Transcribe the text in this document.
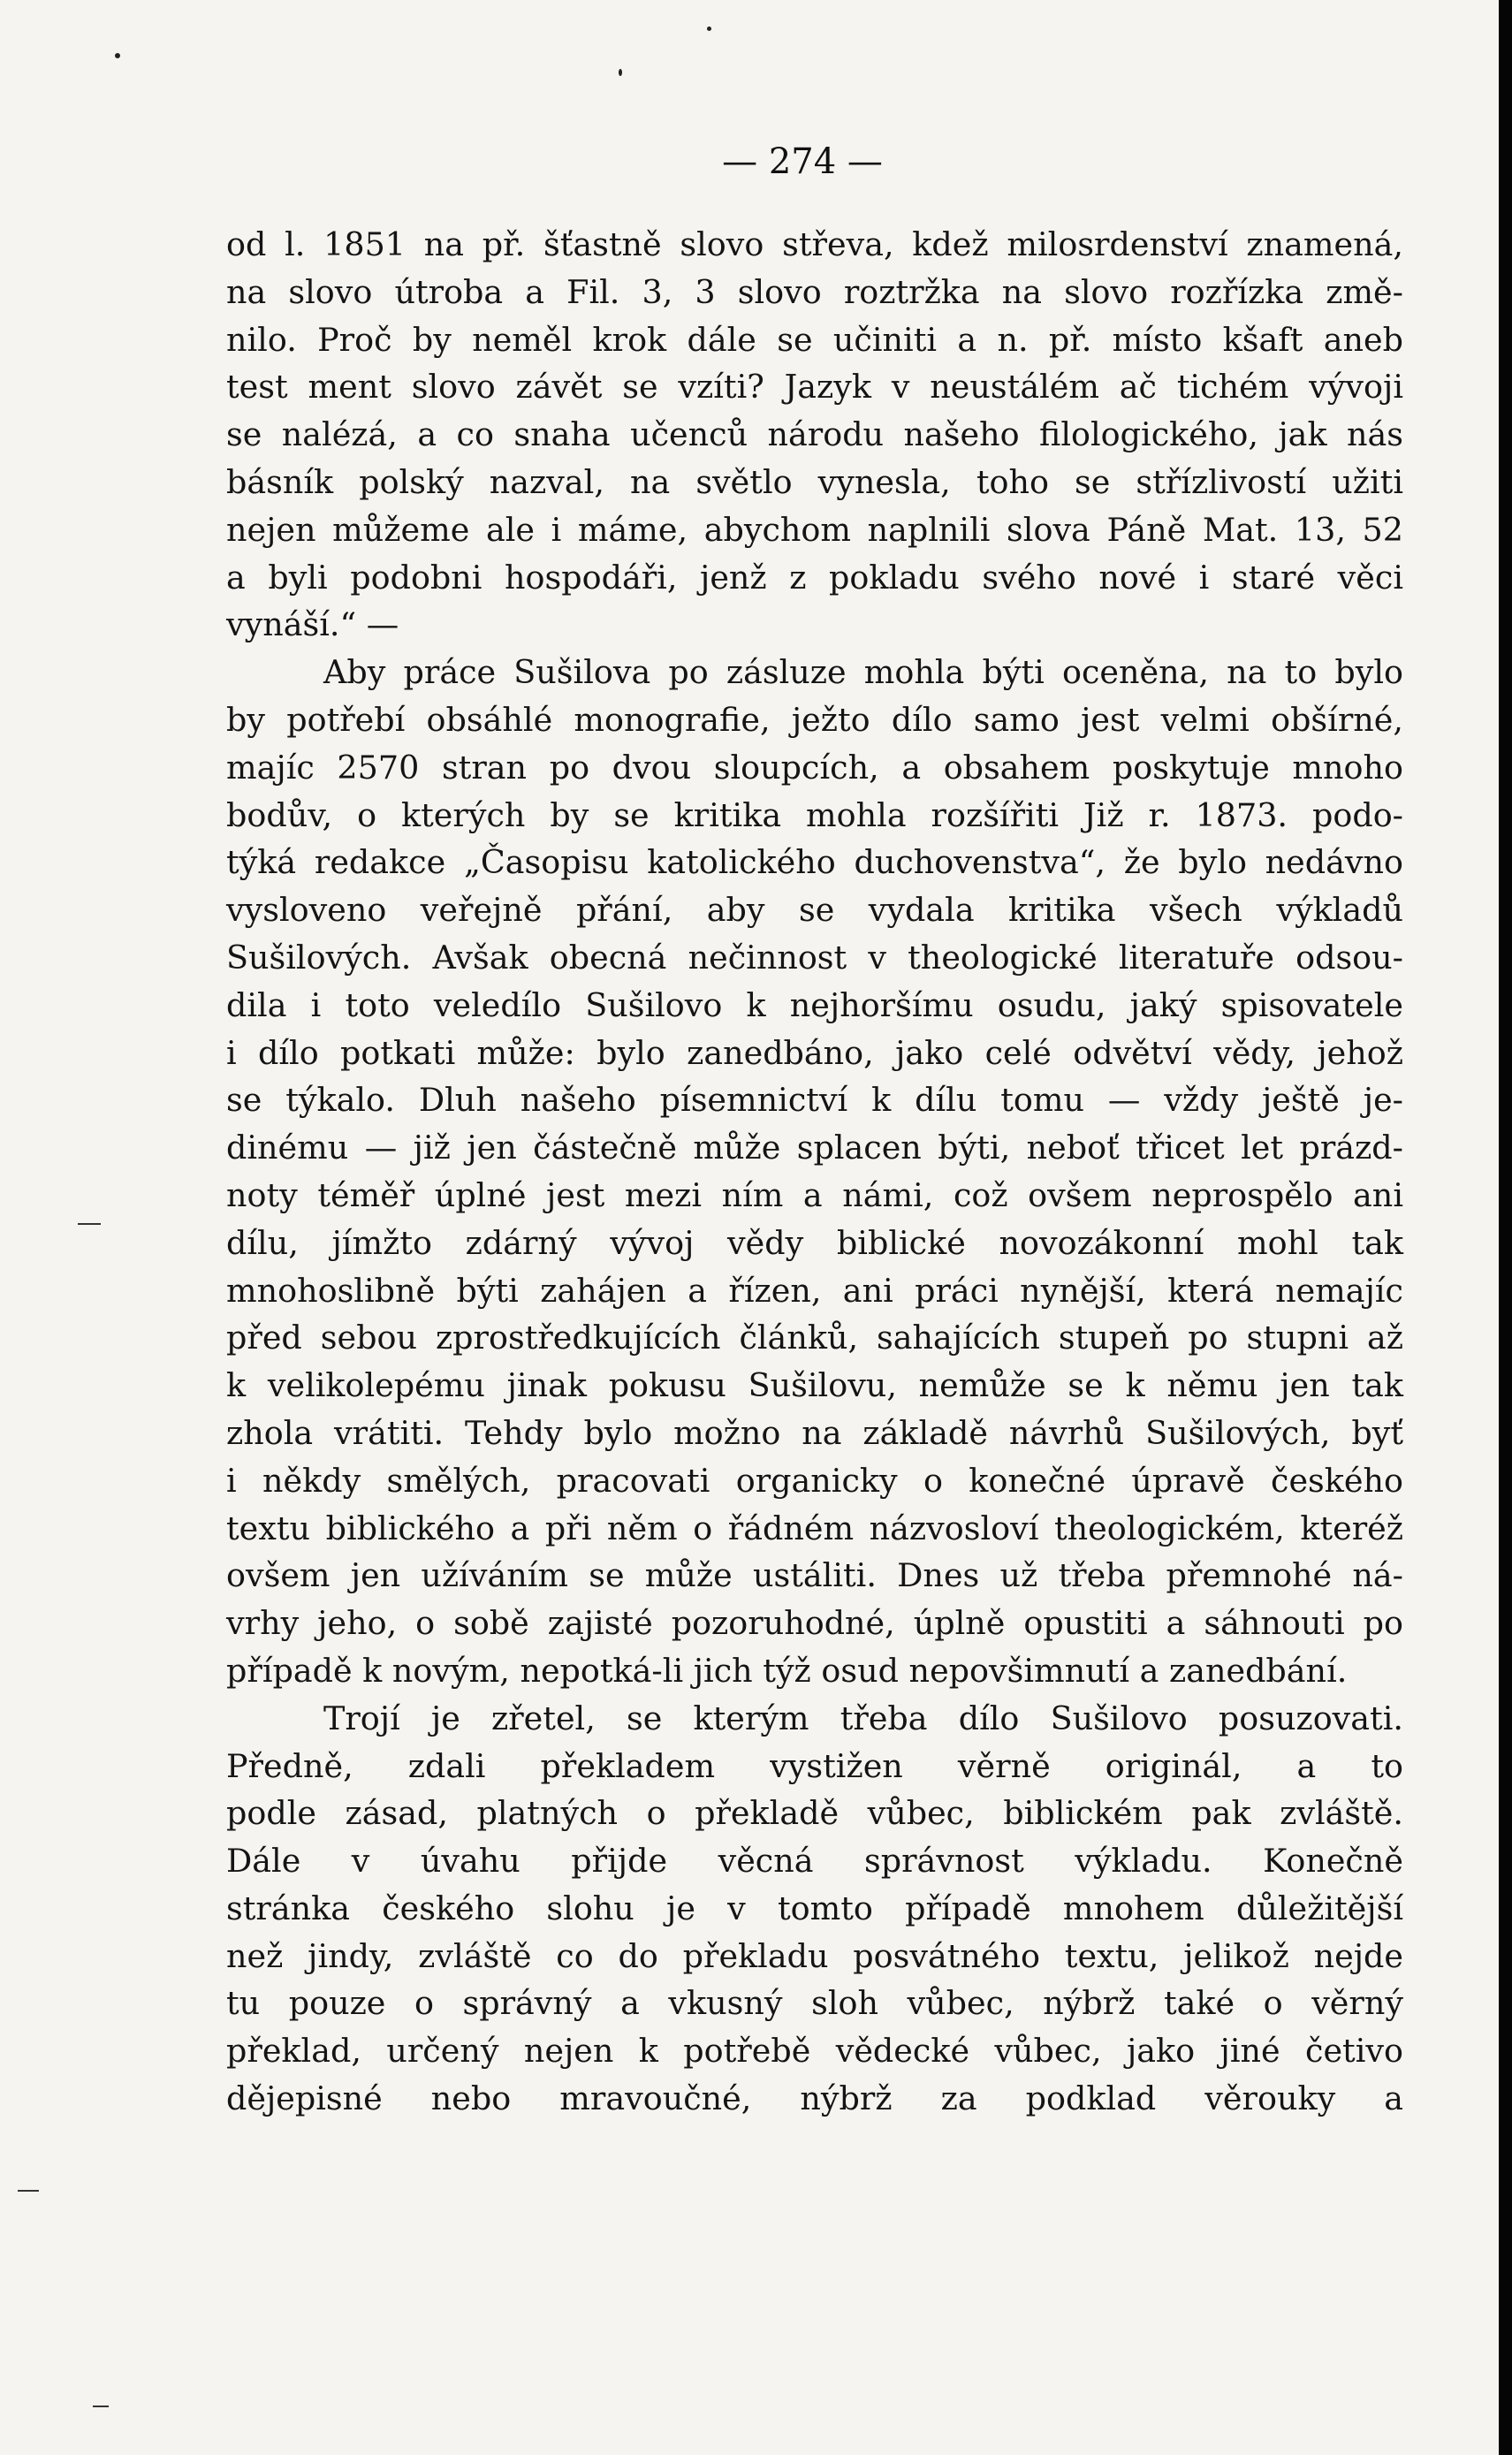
— 274 —
od l. 1851 na př. šťastně slovo střeva, kdež milosrdenství znamená,
na slovo útroba a Fil. 3, 3 slovo roztržka na slovo rozřízka změ-
nilo. Proč by neměl krok dále se učiniti a n. př. místo kšaft aneb
test ment slovo závět se vzíti? Jazyk v neustálém ač tichém vývoji
se nalézá, a co snaha učenců národu našeho filologického, jak nás
básník polský nazval, na světlo vynesla, toho se střízlivostí užiti
nejen můžeme ale i máme, abychom naplnili slova Páně Mat. 13, 52
a byli podobni hospodáři, jenž z pokladu svého nové i staré věci
vynáší.“ —
Aby práce Sušilova po zásluze mohla býti oceněna, na to bylo
by potřebí obsáhlé monografie, ježto dílo samo jest velmi obšírné,
majíc 2570 stran po dvou sloupcích, a obsahem poskytuje mnoho
bodův, o kterých by se kritika mohla rozšířiti Již r. 1873. podo-
týká redakce „Časopisu katolického duchovenstva“, že bylo nedávno
vysloveno veřejně přání, aby se vydala kritika všech výkladů
Sušilových. Avšak obecná nečinnost v theologické literatuře odsou-
dila i toto veledílo Sušilovo k nejhoršímu osudu, jaký spisovatele
i dílo potkati může: bylo zanedbáno, jako celé odvětví vědy, jehož
se týkalo. Dluh našeho písemnictví k dílu tomu — vždy ještě je-
dinému — již jen částečně může splacen býti, neboť třicet let prázd-
noty téměř úplné jest mezi ním a námi, což ovšem neprospělo ani
dílu, jímžto zdárný vývoj vědy biblické novozákonní mohl tak
mnohoslibně býti zahájen a řízen, ani práci nynější, která nemajíc
před sebou zprostředkujících článků, sahajících stupeň po stupni až
k velikolepému jinak pokusu Sušilovu, nemůže se k němu jen tak
zhola vrátiti. Tehdy bylo možno na základě návrhů Sušilových, byť
i někdy smělých, pracovati organicky o konečné úpravě českého
textu biblického a při něm o řádném názvosloví theologickém, kteréž
ovšem jen užíváním se může ustáliti. Dnes už třeba přemnohé ná-
vrhy jeho, o sobě zajisté pozoruhodné, úplně opustiti a sáhnouti po
případě k novým, nepotká-li jich týž osud nepovšimnutí a zanedbání.
Trojí je zřetel, se kterým třeba dílo Sušilovo posuzovati.
Předně, zdali překladem vystižen věrně originál, a to
podle zásad, platných o překladě vůbec, biblickém pak zvláště.
Dále v úvahu přijde věcná správnost výkladu. Konečně
stránka českého slohu je v tomto případě mnohem důležitější
než jindy, zvláště co do překladu posvátného textu, jelikož nejde
tu pouze o správný a vkusný sloh vůbec, nýbrž také o věrný
překlad, určený nejen k potřebě vědecké vůbec, jako jiné četivo
dějepisné nebo mravoučné, nýbrž za podklad věrouky a
